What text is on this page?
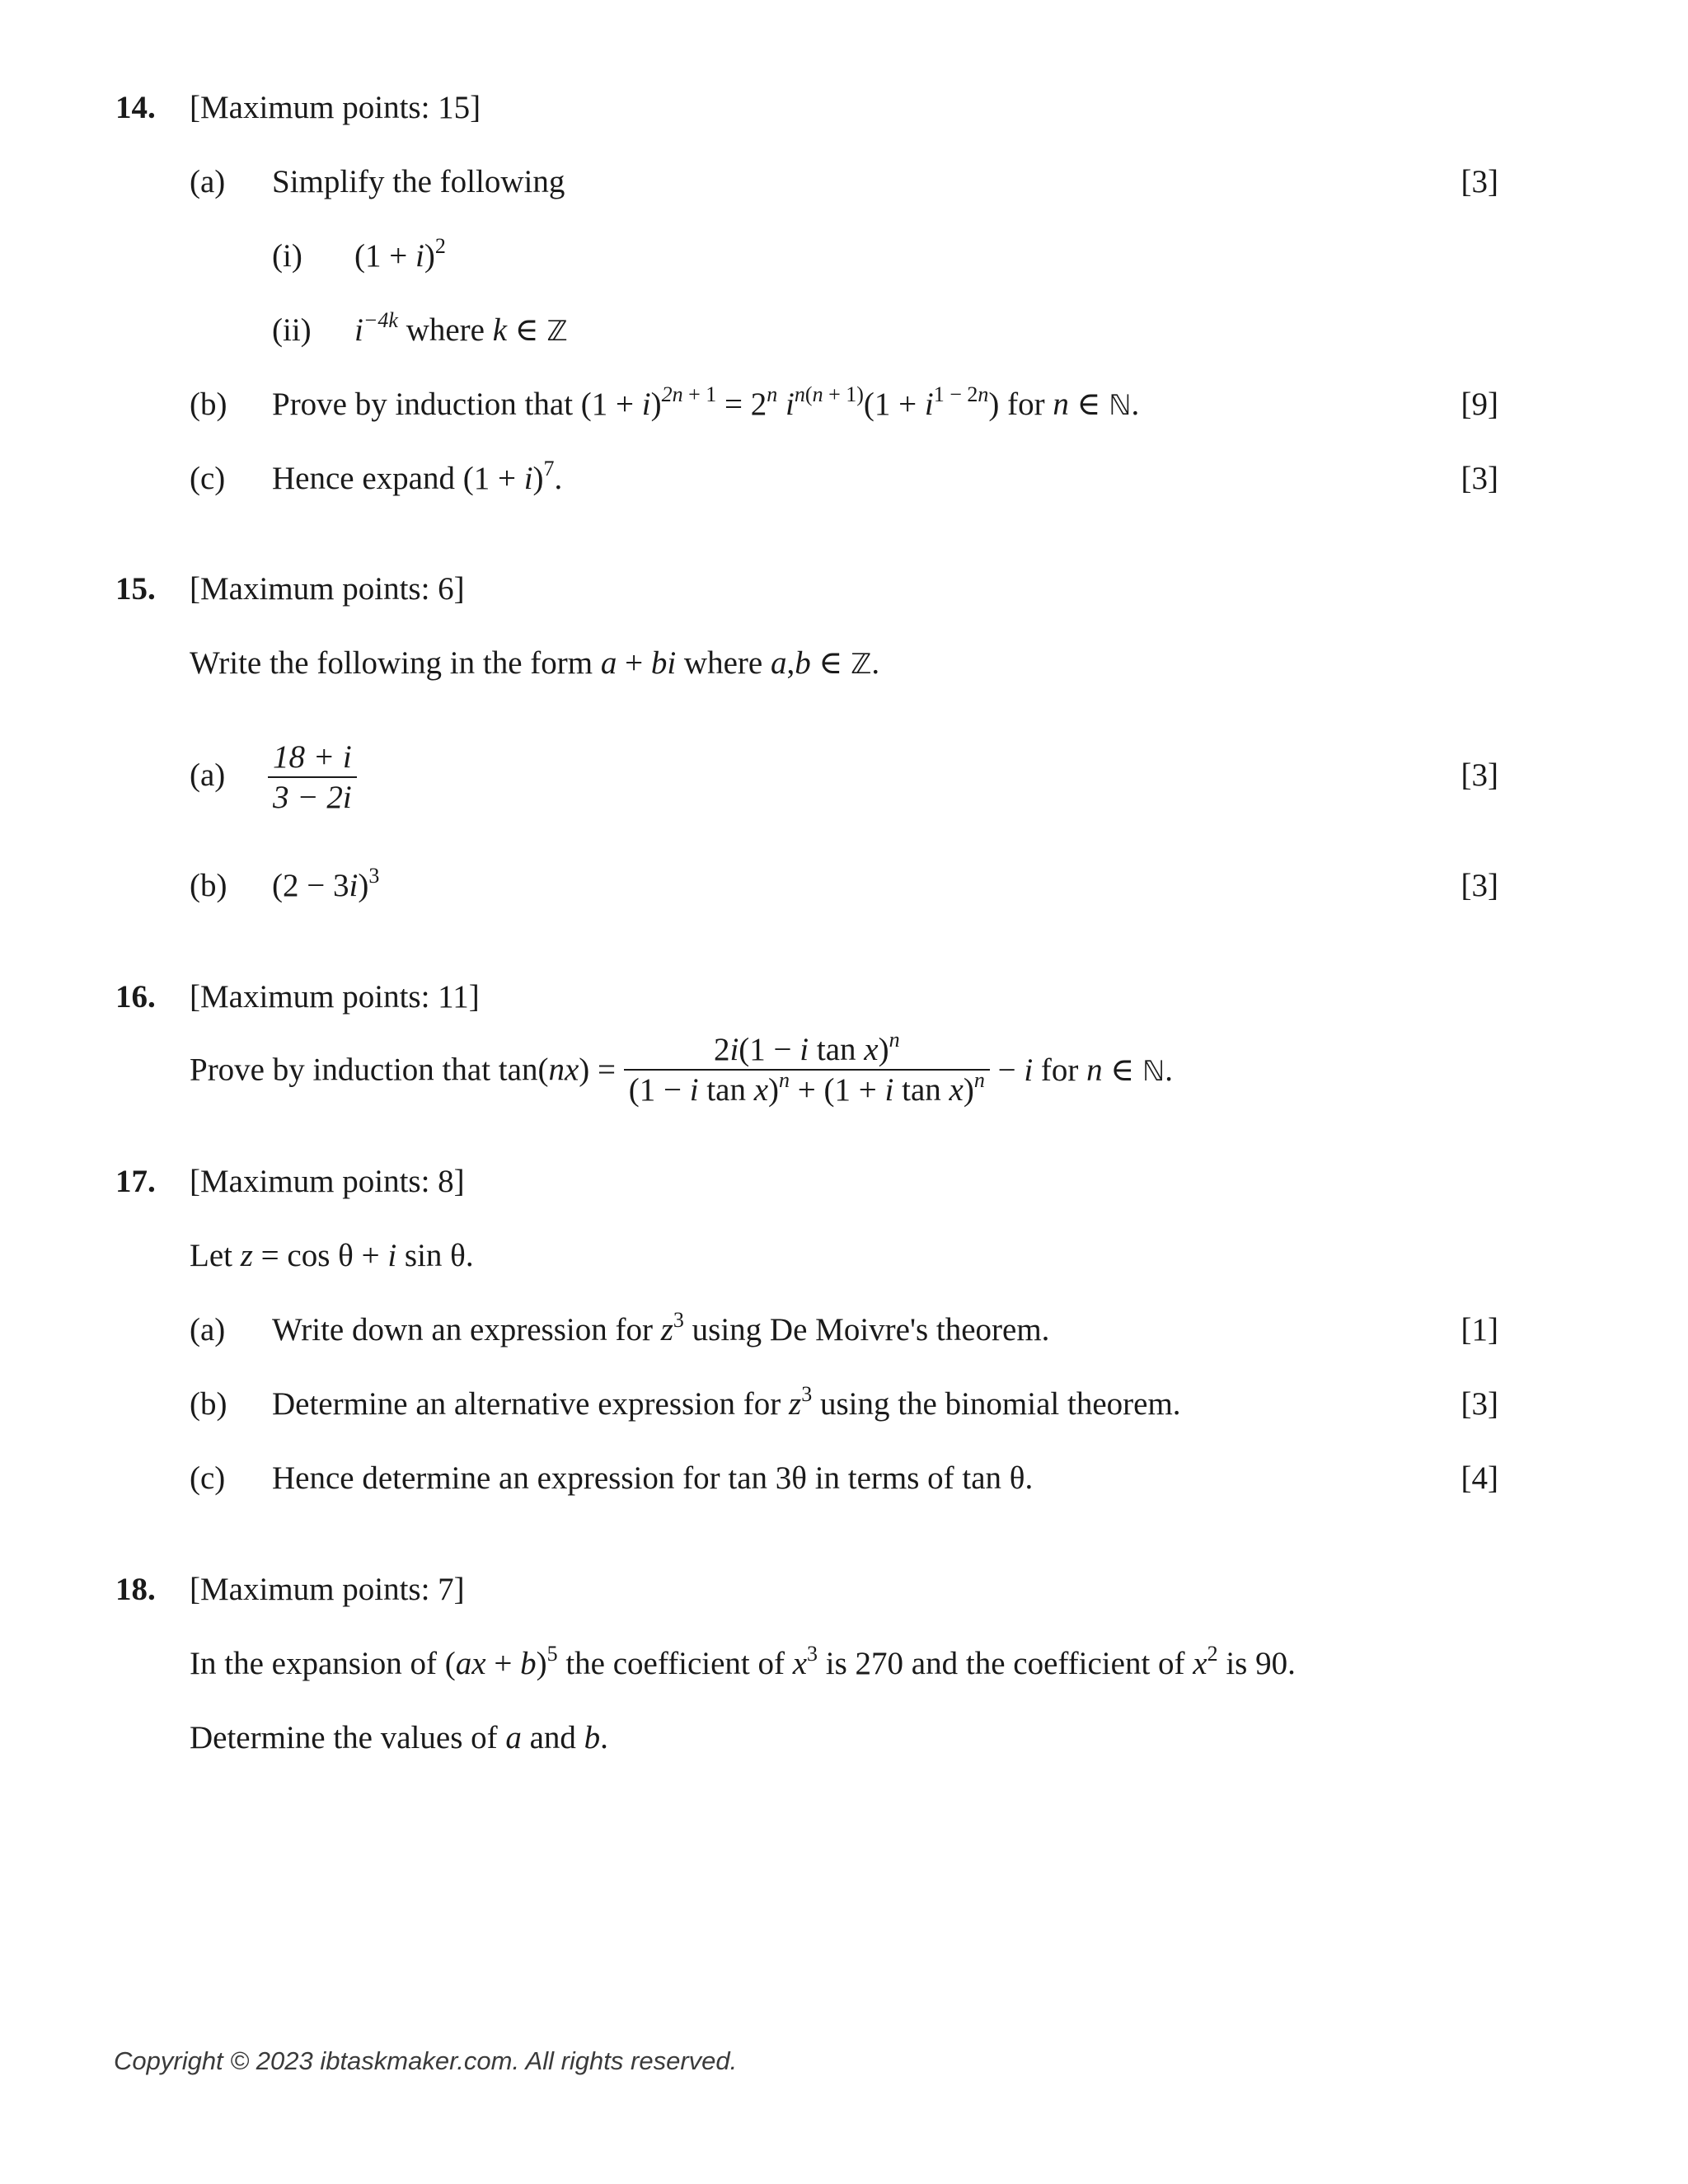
14. [Maximum points: 15]
(a) Simplify the following	[3]
(i) $(1 + i)^2$
(ii) $i^{-4k}$ where k ∈ ℤ
(b) Prove by induction that $(1 + i)^{2n + 1} = 2^n$ $i^{n(n + 1)}(1 + i^{1 - 2n})$ for n ∈ ℕ.	[9]
(c) Hence expand $(1 + i)^7$.	[3]
15. [Maximum points: 6]
Write the following in the form a + bi where a,b ∈ ℤ.
$(a) \frac{18 + i}{3 - 2i}$	[3]
(b) $(2 - 3i)^3$	[3]
16. [Maximum points: 11]
Prove by induction that $\tan(nx) = \frac{2i(1 - i \tan x)^n}{(1 - i \tan x)^n + (1 + i \tan x)^n} - i$ for n ∈ ℕ.
17. [Maximum points: 8]
Let z = cos θ + i sin θ.
(a) Write down an expression for $z^3$ using De Moivre's theorem.	[1]
(b) Determine an alternative expression for $z^3$ using the binomial theorem.	[3]
(c) Hence determine an expression for tan 3θ in terms of tan θ.	[4]
18. [Maximum points: 7]
In the expansion of (ax + b)$^5$ the coefficient of $x^3$ is 270 and the coefficient of $x^2$ is 90.
Determine the values of a and b.
Copyright © 2023 ibtaskmaker.com. All rights reserved.
